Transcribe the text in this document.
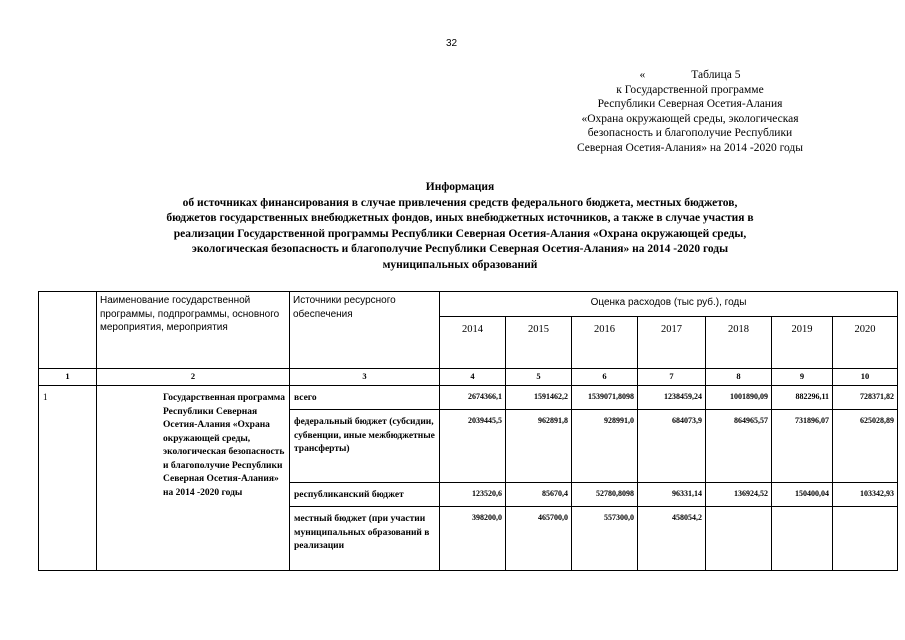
32
«	Таблица 5
к Государственной программе
Республики Северная Осетия-Алания
«Охрана окружающей среды, экологическая
безопасность и благополучие Республики
Северная Осетия-Алания» на 2014 -2020 годы
Информация
об источниках финансирования в случае привлечения средств федерального бюджета, местных бюджетов,
бюджетов государственных внебюджетных фондов, иных внебюджетных источников, а также в случае участия в
реализации Государственной программы Республики Северная Осетия-Алания «Охрана окружающей среды,
экологическая безопасность и благополучие Республики Северная Осетия-Алания» на 2014 -2020 годы
муниципальных образований
	Наименование государственной программы, подпрограммы, основного мероприятия, мероприятия	Источники ресурсного обеспечения	Оценка расходов (тыс руб.), годы						
			2014	2015	2016	2017	2018	2019	2020
1	2	3	4	5	6	7	8	9	10
1	Государственная программа Республики Северная Осетия-Алания «Охрана окружающей среды, экологическая безопасность и благополучие Республики Северная Осетия-Алания» на 2014 -2020 годы	всего	2674366,1	1591462,2	1539071,8098	1238459,24	1001890,09	882296,11	728371,82
		федеральный бюджет (субсидии, субвенции, иные межбюджетные трансферты)	2039445,5	962891,8	928991,0	684073,9	864965,57	731896,07	625028,89
		республиканский бюджет	123520,6	85670,4	52780,8098	96331,14	136924,52	150400,04	103342,93
		местный бюджет (при участии муниципальных образований в реализации	398200,0	465700,0	557300,0	458054,2			
